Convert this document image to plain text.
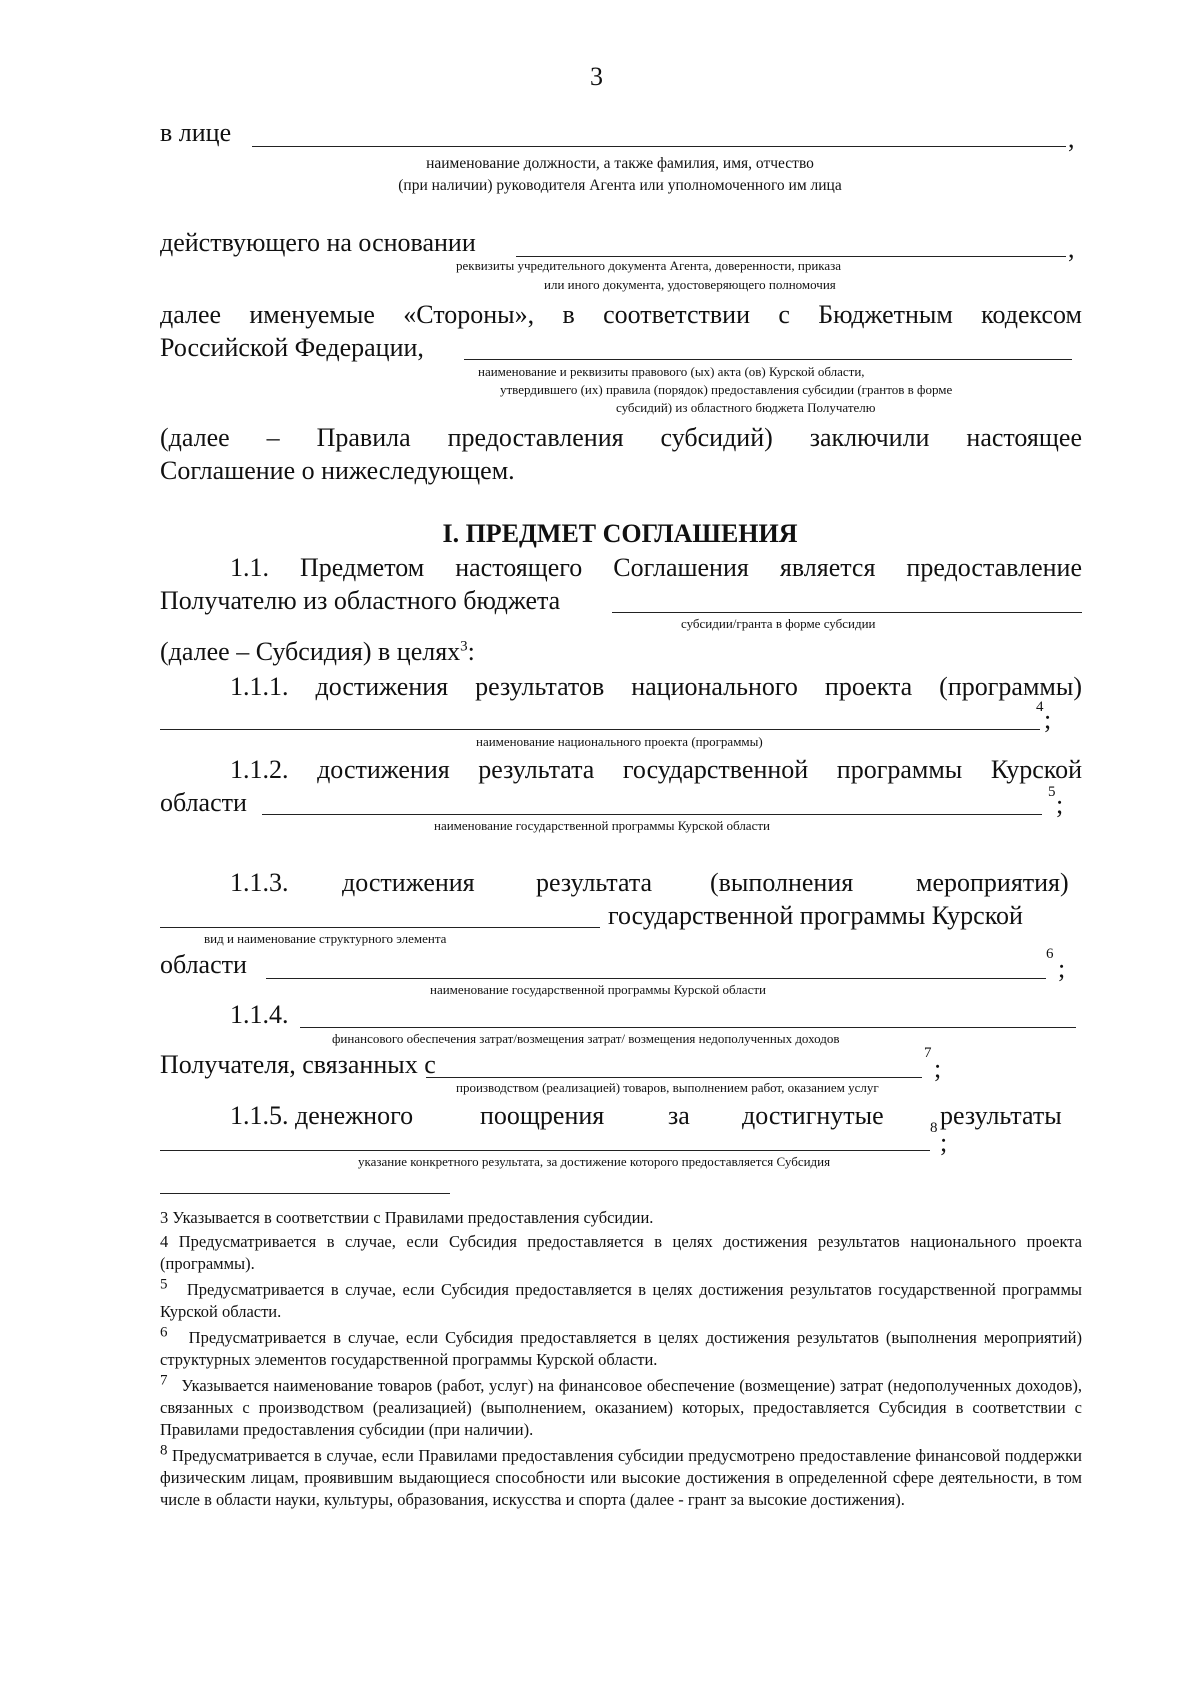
3
в лице	,
наименование должности, а также фамилия, имя, отчество
(при наличии) руководителя Агента или уполномоченного им лица
действующего на основании	,
реквизиты учредительного документа Агента, доверенности, приказа
или иного документа, удостоверяющего полномочия
далее именуемые «Стороны», в соответствии с Бюджетным кодексом
Российской Федерации,
наименование и реквизиты правового (ых) акта (ов) Курской области,
утвердившего (их) правила (порядок) предоставления субсидии (грантов в форме
субсидий) из областного бюджета Получателю
(далее – Правила предоставления субсидий) заключили настоящее
Соглашение о нижеследующем.
I. ПРЕДМЕТ СОГЛАШЕНИЯ
1.1. Предметом настоящего Соглашения является предоставление
Получателю из областного бюджета
субсидии/гранта в форме субсидии
(далее – Субсидия) в целях$^3$:
1.1.1. достижения результатов национального проекта (программы)
4 ;
наименование национального проекта (программы)
1.1.2. достижения результата государственной программы Курской
области	5 ;
наименование государственной программы Курской области
1.1.3. достижения результата (выполнения мероприятия)
государственной программы Курской
вид и наименование структурного элемента
области	6 ;
наименование государственной программы Курской области
1.1.4.
финансового обеспечения затрат/возмещения затрат/ возмещения недополученных доходов
Получателя, связанных с	7
;
производством (реализацией) товаров, выполнением работ, оказанием услуг
1.1.5. денежного	поощрения за достигнутые результаты
8 ;
указание конкретного результата, за достижение которого предоставляется Субсидия
3 Указывается в соответствии с Правилами предоставления субсидии.
4 Предусматривается в случае, если Субсидия предоставляется в целях достижения результатов национального проекта (программы).
5 Предусматривается в случае, если Субсидия предоставляется в целях достижения результатов государственной программы Курской области.
6 Предусматривается в случае, если Субсидия предоставляется в целях достижения результатов (выполнения мероприятий) структурных элементов государственной программы Курской области.
7 Указывается наименование товаров (работ, услуг) на финансовое обеспечение (возмещение) затрат (недополученных доходов), связанных с производством (реализацией) (выполнением, оказанием) которых, предоставляется Субсидия в соответствии с Правилами предоставления субсидии (при наличии).
8 Предусматривается в случае, если Правилами предоставления субсидии предусмотрено предоставление финансовой поддержки физическим лицам, проявившим выдающиеся способности или высокие достижения в определенной сфере деятельности, в том числе в области науки, культуры, образования, искусства и спорта (далее - грант за высокие достижения).
